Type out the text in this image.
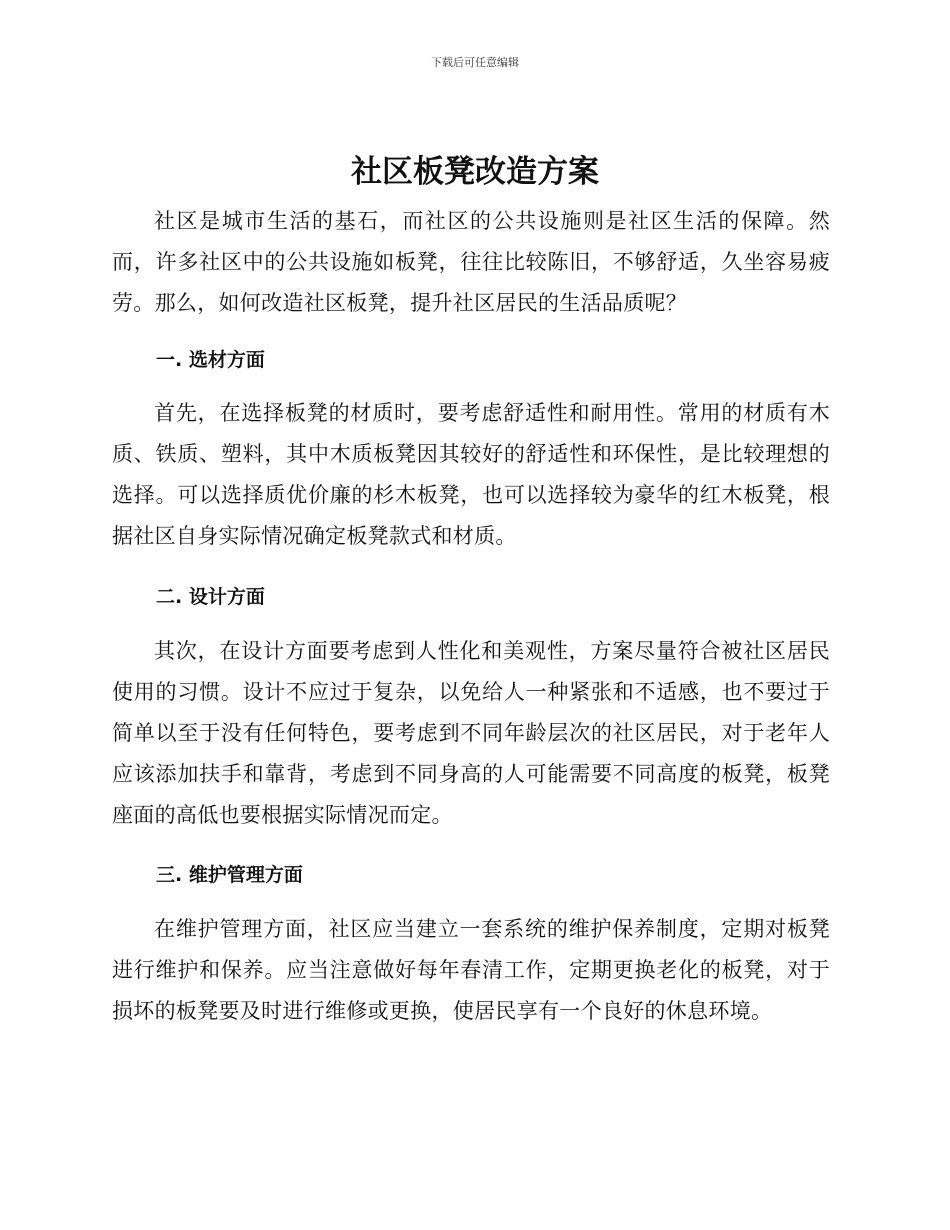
下载后可任意编辑
社区板凳改造方案

社区是城市生活的基石，而社区的公共设施则是社区生活的保障。然而，许多社区中的公共设施如板凳，往往比较陈旧，不够舒适，久坐容易疲劳。那么，如何改造社区板凳，提升社区居民的生活品质呢？

一. 选材方面

首先，在选择板凳的材质时，要考虑舒适性和耐用性。常用的材质有木质、铁质、塑料，其中木质板凳因其较好的舒适性和环保性，是比较理想的选择。可以选择质优价廉的杉木板凳，也可以选择较为豪华的红木板凳，根据社区自身实际情况确定板凳款式和材质。

二. 设计方面

其次，在设计方面要考虑到人性化和美观性，方案尽量符合被社区居民使用的习惯。设计不应过于复杂，以免给人一种紧张和不适感，也不要过于简单以至于没有任何特色，要考虑到不同年龄层次的社区居民，对于老年人应该添加扶手和靠背，考虑到不同身高的人可能需要不同高度的板凳，板凳座面的高低也要根据实际情况而定。

三. 维护管理方面

在维护管理方面，社区应当建立一套系统的维护保养制度，定期对板凳进行维护和保养。应当注意做好每年春清工作，定期更换老化的板凳，对于损坏的板凳要及时进行维修或更换，使居民享有一个良好的休息环境。
